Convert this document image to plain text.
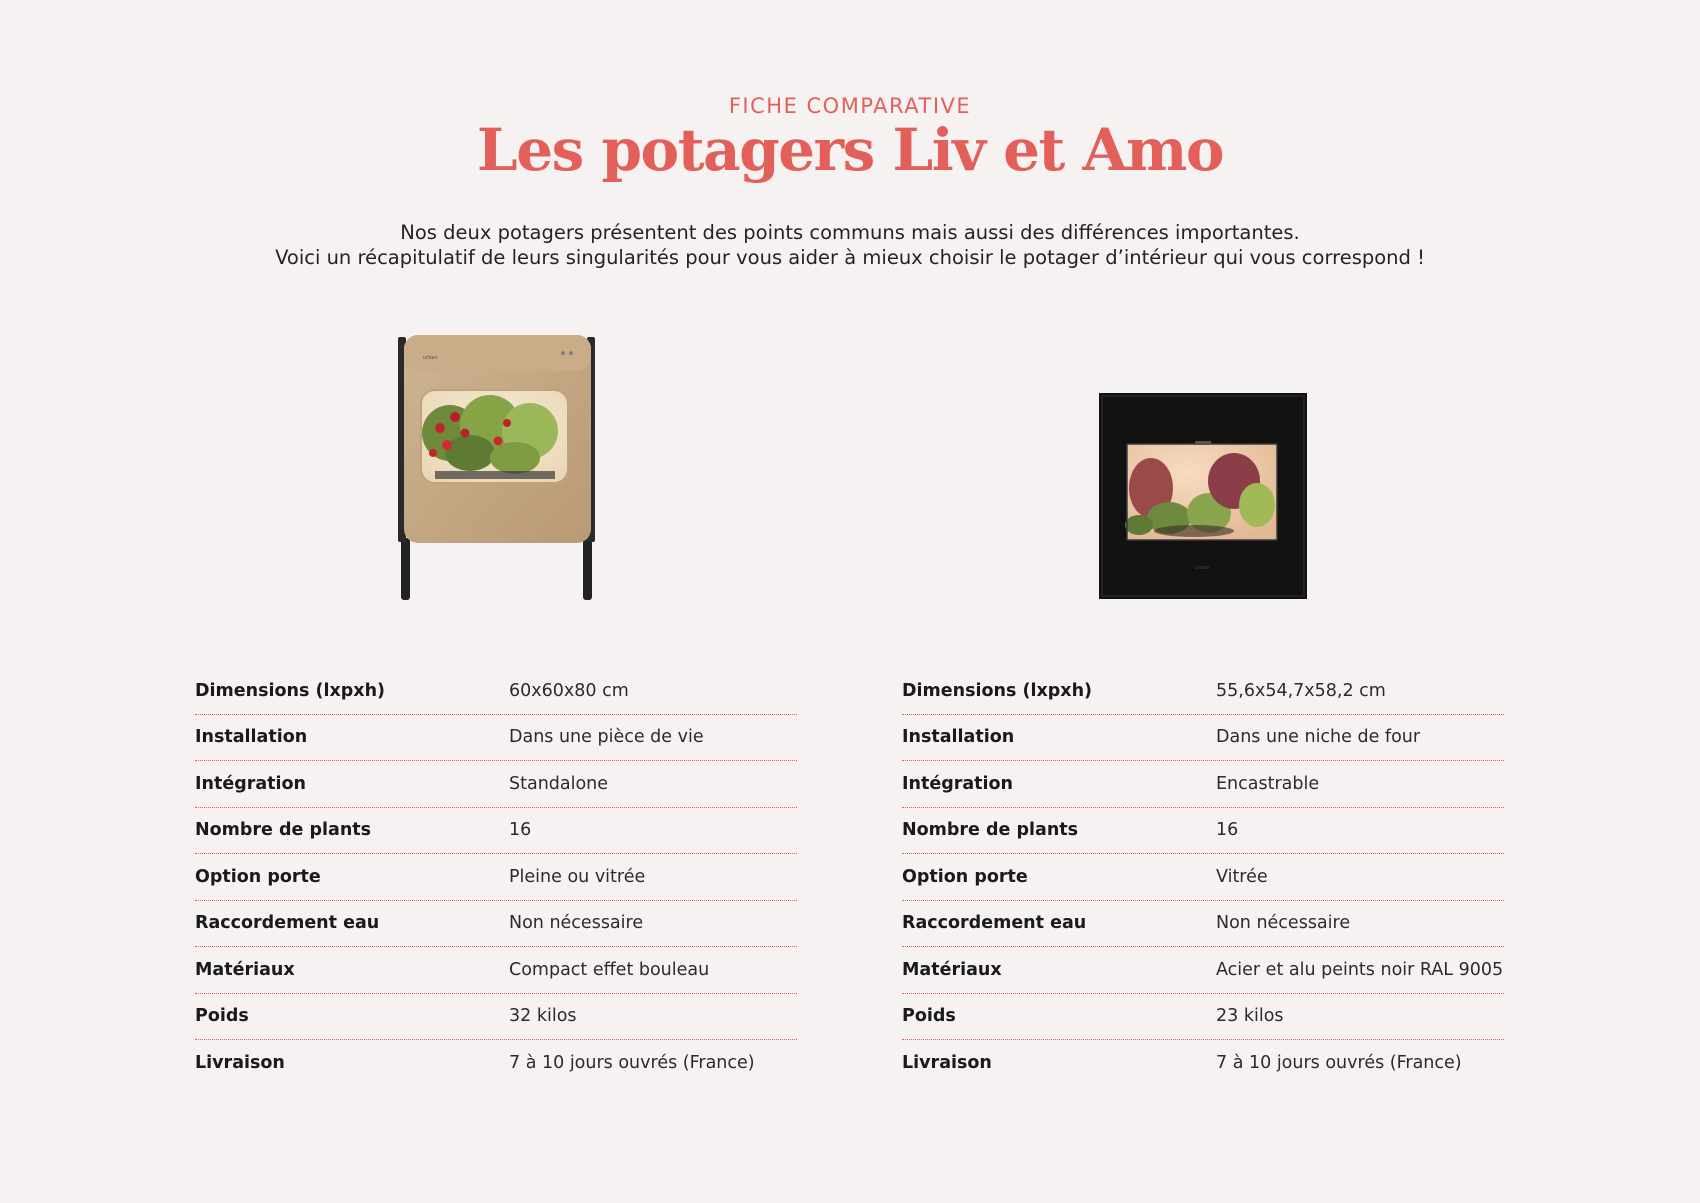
FICHE COMPARATIVE
Les potagers Liv et Amo

Nos deux potagers présentent des points communs mais aussi des différences importantes.

Voici un récapitulatif de leurs singularités pour vous aider à mieux choisir le potager d’intérieur qui vous correspond !

urban
urban
Dimensions (lxpxh)	60x60x80 cm
Installation	Dans une pièce de vie
Intégration	Standalone
Nombre de plants	16
Option porte	Pleine ou vitrée
Raccordement eau	Non nécessaire
Matériaux	Compact effet bouleau
Poids	32 kilos
Livraison	7 à 10 jours ouvrés (France)
Dimensions (lxpxh)	55,6x54,7x58,2 cm
Installation	Dans une niche de four
Intégration	Encastrable
Nombre de plants	16
Option porte	Vitrée
Raccordement eau	Non nécessaire
Matériaux	Acier et alu peints noir RAL 9005
Poids	23 kilos
Livraison	7 à 10 jours ouvrés (France)
